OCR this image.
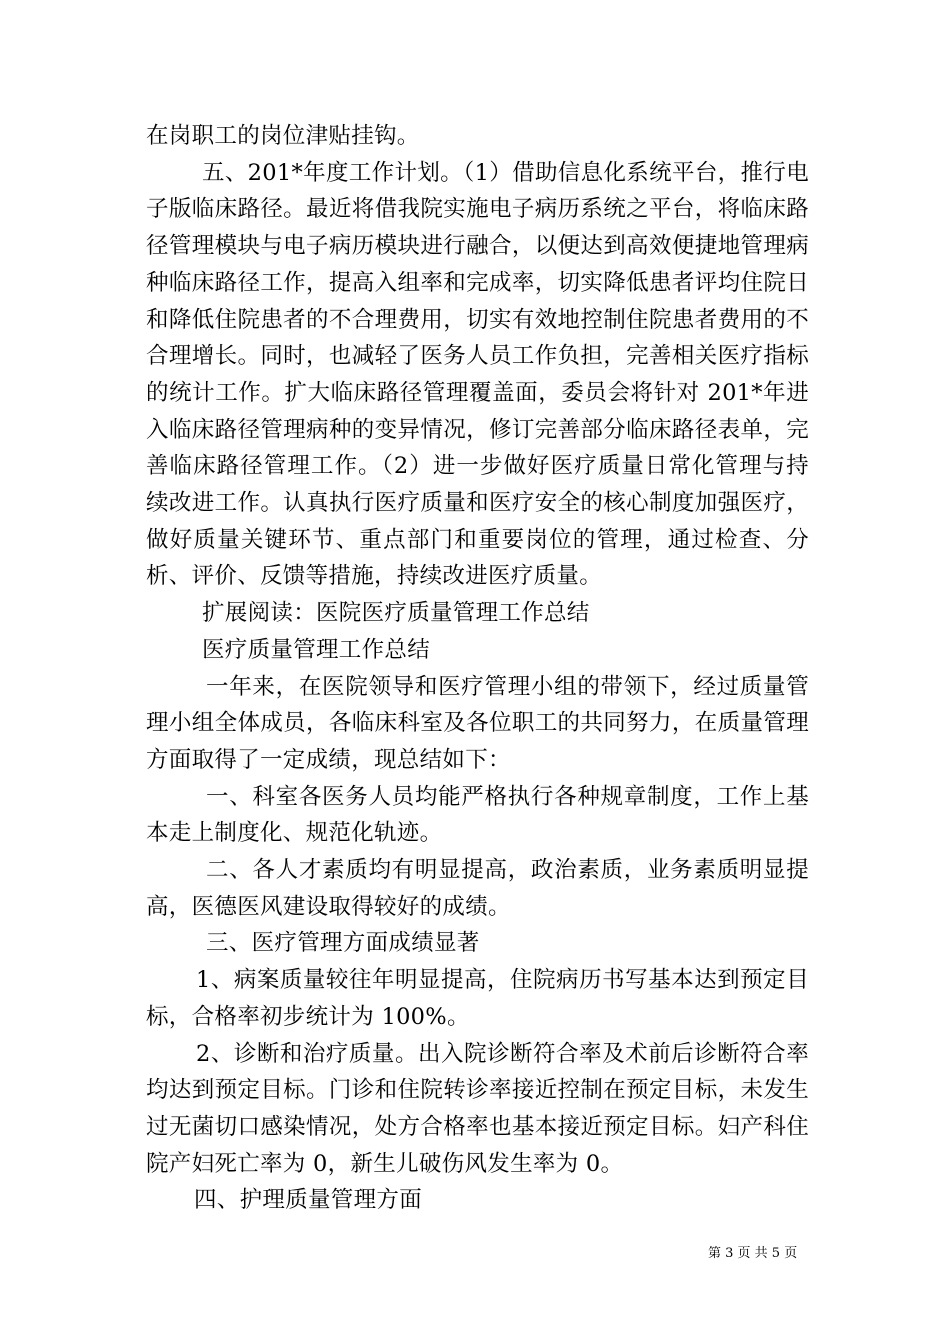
在岗职工的岗位津贴挂钩。

五、201*年度工作计划。（1）借助信息化系统平台，推行电子版临床路径。最近将借我院实施电子病历系统之平台，将临床路径管理模块与电子病历模块进行融合，以便达到高效便捷地管理病种临床路径工作，提高入组率和完成率，切实降低患者评均住院日和降低住院患者的不合理费用，切实有效地控制住院患者费用的不合理增长。同时，也减轻了医务人员工作负担，完善相关医疗指标的统计工作。扩大临床路径管理覆盖面，委员会将针对 201*年进入临床路径管理病种的变异情况，修订完善部分临床路径表单，完善临床路径管理工作。（2）进一步做好医疗质量日常化管理与持续改进工作。认真执行医疗质量和医疗安全的核心制度加强医疗，做好质量关键环节、重点部门和重要岗位的管理，通过检查、分析、评价、反馈等措施，持续改进医疗质量。

扩展阅读：医院医疗质量管理工作总结

医疗质量管理工作总结

一年来，在医院领导和医疗管理小组的带领下，经过质量管理小组全体成员，各临床科室及各位职工的共同努力，在质量管理方面取得了一定成绩，现总结如下：

一、科室各医务人员均能严格执行各种规章制度，工作上基本走上制度化、规范化轨迹。

二、各人才素质均有明显提高，政治素质，业务素质明显提高，医德医风建设取得较好的成绩。

三、医疗管理方面成绩显著

1、病案质量较往年明显提高，住院病历书写基本达到预定目标，合格率初步统计为 100%。

2、诊断和治疗质量。出入院诊断符合率及术前后诊断符合率均达到预定目标。门诊和住院转诊率接近控制在预定目标，未发生过无菌切口感染情况，处方合格率也基本接近预定目标。妇产科住院产妇死亡率为 0，新生儿破伤风发生率为 0。

四、护理质量管理方面

第 3 页 共 5 页
